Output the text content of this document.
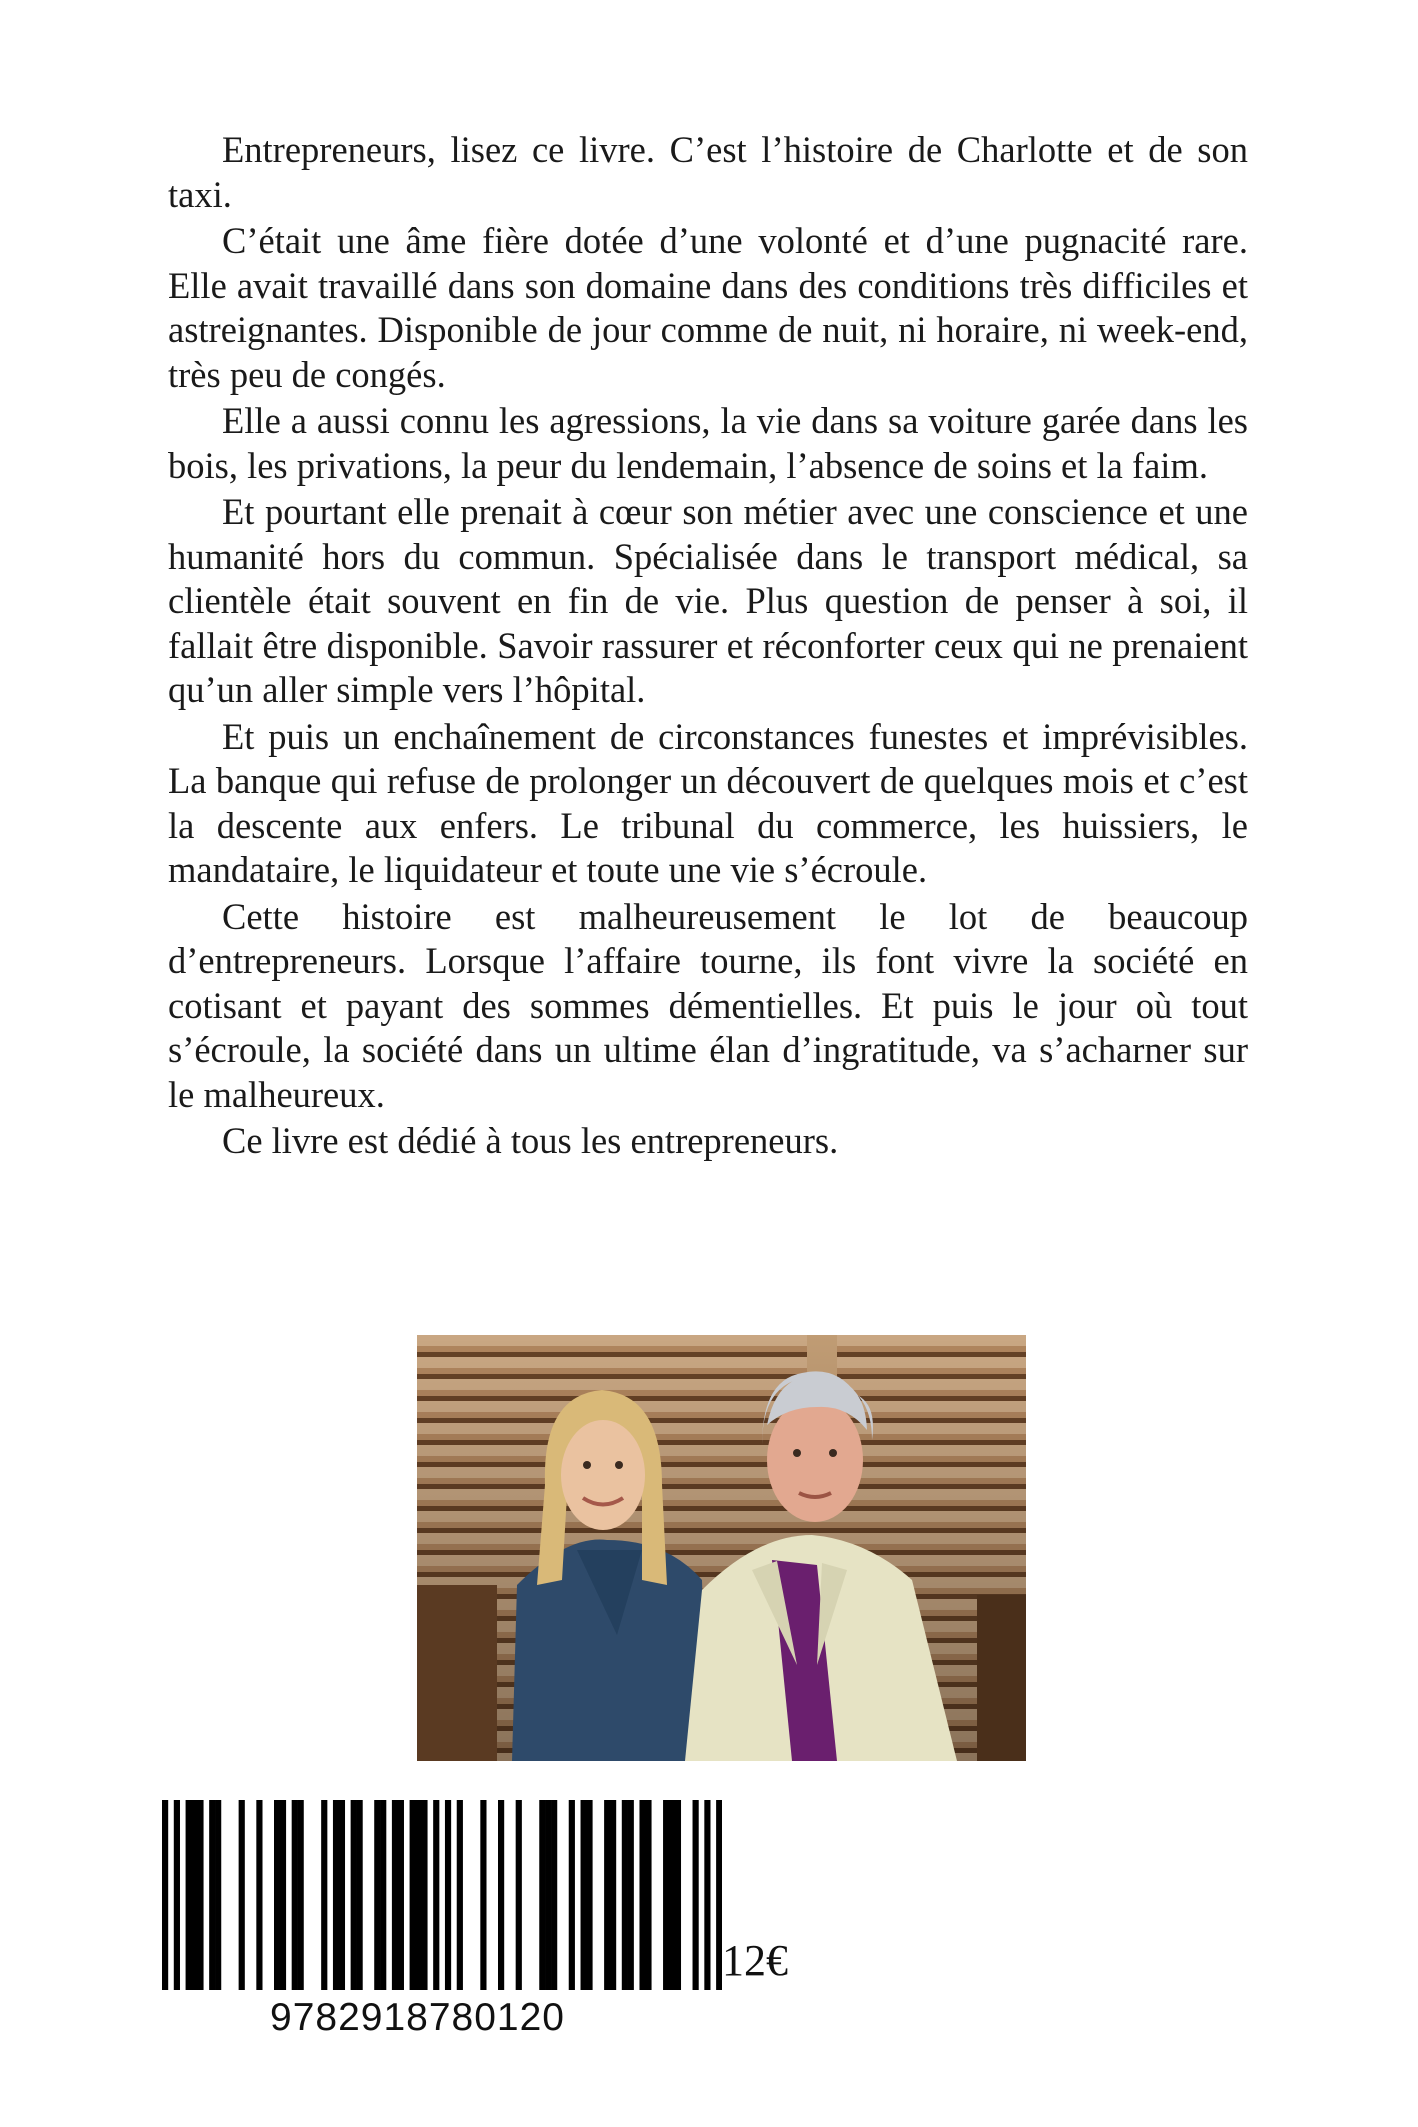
Entrepreneurs, lisez ce livre. C’est l’histoire de Charlotte et de son taxi.

C’était une âme fière dotée d’une volonté et d’une pugnacité rare. Elle avait travaillé dans son domaine dans des conditions très difficiles et astreignantes. Disponible de jour comme de nuit, ni horaire, ni week-end, très peu de congés.

Elle a aussi connu les agressions, la vie dans sa voiture garée dans les bois, les privations, la peur du lendemain, l’absence de soins et la faim.

Et pourtant elle prenait à cœur son métier avec une conscience et une humanité hors du commun. Spécialisée dans le transport médical, sa clientèle était souvent en fin de vie. Plus question de penser à soi, il fallait être disponible. Savoir rassurer et réconforter ceux qui ne prenaient qu’un aller simple vers l’hôpital.

Et puis un enchaînement de circonstances funestes et imprévisibles. La banque qui refuse de prolonger un découvert de quelques mois et c’est la descente aux enfers. Le tribunal du commerce, les huissiers, le mandataire, le liquidateur et toute une vie s’écroule.

Cette histoire est malheureusement le lot de beaucoup d’entrepreneurs. Lorsque l’affaire tourne, ils font vivre la société en cotisant et payant des sommes démentielles. Et puis le jour où tout s’écroule, la société dans un ultime élan d’ingratitude, va s’acharner sur le malheureux.

Ce livre est dédié à tous les entrepreneurs.

9782918780120
12€
